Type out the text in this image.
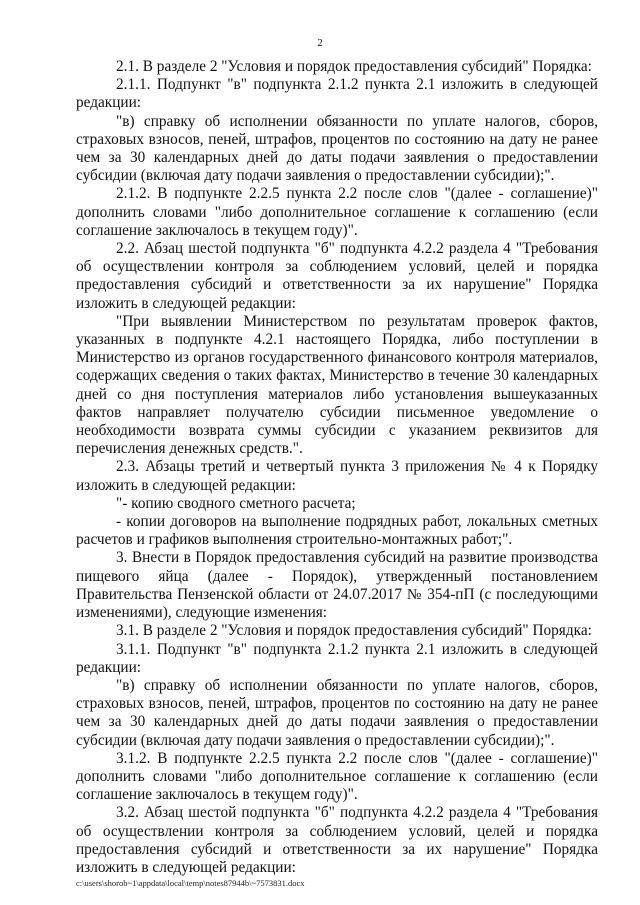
2

2.1. В разделе 2 "Условия и порядок предоставления субсидий" Порядка:

2.1.1. Подпункт "в" подпункта 2.1.2 пункта 2.1 изложить в следующей редакции:

"в) справку об исполнении обязанности по уплате налогов, сборов, страховых взносов, пеней, штрафов, процентов по состоянию на дату не ранее чем за 30 календарных дней до даты подачи заявления о предоставлении субсидии (включая дату подачи заявления о предоставлении субсидии);".

2.1.2. В подпункте 2.2.5 пункта 2.2 после слов "(далее - соглашение)" дополнить словами "либо дополнительное соглашение к соглашению (если соглашение заключалось в текущем году)".

2.2. Абзац шестой подпункта "б" подпункта 4.2.2 раздела 4 "Требования об осуществлении контроля за соблюдением условий, целей и порядка предоставления субсидий и ответственности за их нарушение" Порядка изложить в следующей редакции:

"При выявлении Министерством по результатам проверок фактов, указанных в подпункте 4.2.1 настоящего Порядка, либо поступлении в Министерство из органов государственного финансового контроля материалов, содержащих сведения о таких фактах, Министерство в течение 30 календарных дней со дня поступления материалов либо установления вышеуказанных фактов направляет получателю субсидии письменное уведомление о необходимости возврата суммы субсидии с указанием реквизитов для перечисления денежных средств.".

2.3. Абзацы третий и четвертый пункта 3 приложения № 4 к Порядку изложить в следующей редакции:

"- копию сводного сметного расчета;

- копии договоров на выполнение подрядных работ, локальных сметных расчетов и графиков выполнения строительно-монтажных работ;".

3. Внести в Порядок предоставления субсидий на развитие производства пищевого яйца (далее - Порядок), утвержденный постановлением Правительства Пензенской области от 24.07.2017 № 354-пП (с последующими изменениями), следующие изменения:

3.1. В разделе 2 "Условия и порядок предоставления субсидий" Порядка:

3.1.1. Подпункт "в" подпункта 2.1.2 пункта 2.1 изложить в следующей редакции:

"в) справку об исполнении обязанности по уплате налогов, сборов, страховых взносов, пеней, штрафов, процентов по состоянию на дату не ранее чем за 30 календарных дней до даты подачи заявления о предоставлении субсидии (включая дату подачи заявления о предоставлении субсидии);".

3.1.2. В подпункте 2.2.5 пункта 2.2 после слов "(далее - соглашение)" дополнить словами "либо дополнительное соглашение к соглашению (если соглашение заключалось в текущем году)".

3.2. Абзац шестой подпункта "б" подпункта 4.2.2 раздела 4 "Требования об осуществлении контроля за соблюдением условий, целей и порядка предоставления субсидий и ответственности за их нарушение" Порядка изложить в следующей редакции:

c:\users\shorob~1\appdata\local\temp\notes87944b\~7573831.docx
